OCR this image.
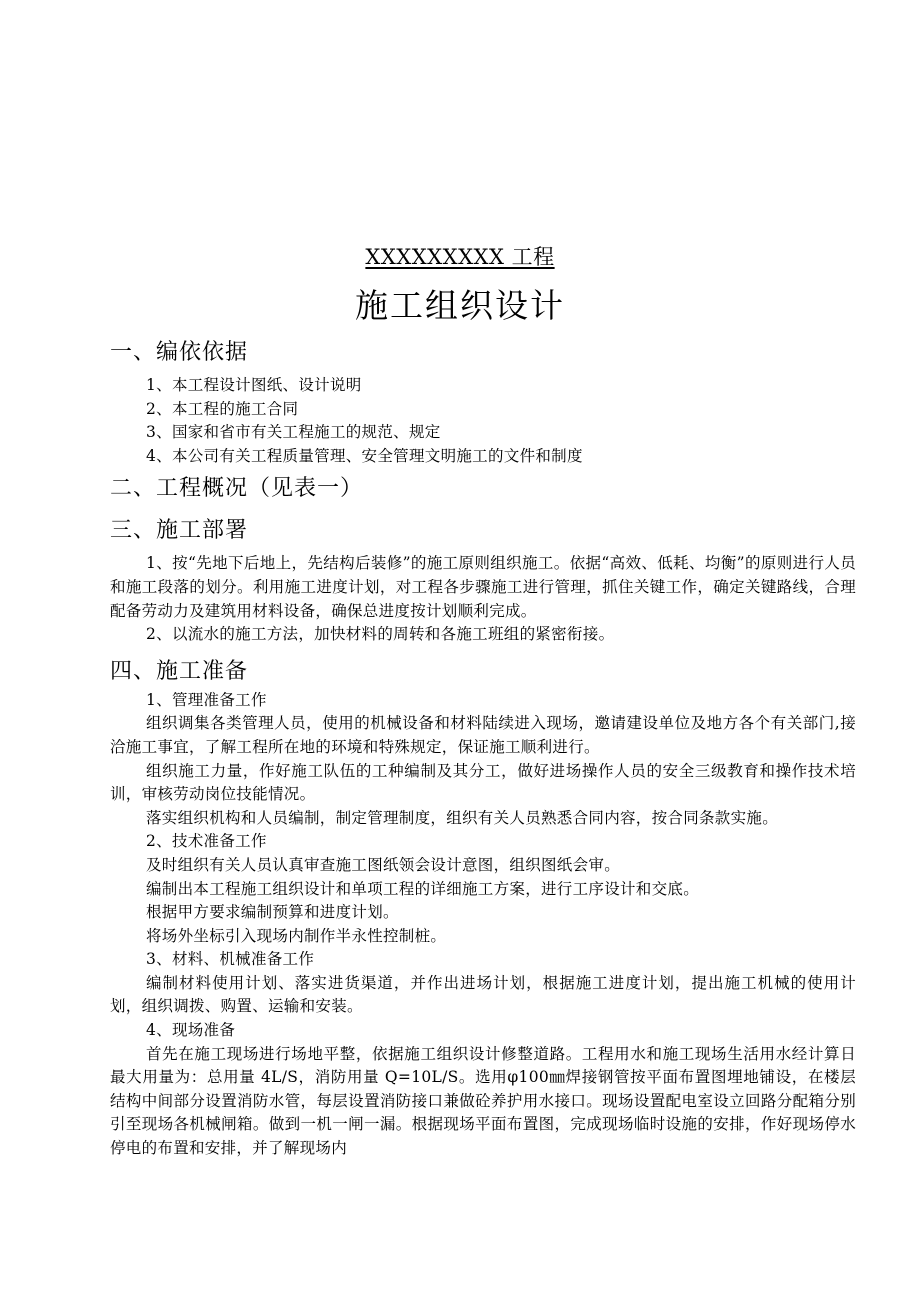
XXXXXXXXX 工程
施工组织设计
一、编依依据

1、本工程设计图纸、设计说明

2、本工程的施工合同

3、国家和省市有关工程施工的规范、规定

4、本公司有关工程质量管理、安全管理文明施工的文件和制度

二、工程概况（见表一）
三、施工部署

1、按“先地下后地上，先结构后装修”的施工原则组织施工。依据“高效、低耗、均衡”的原则进行人员和施工段落的划分。利用施工进度计划，对工程各步骤施工进行管理，抓住关键工作，确定关键路线，合理配备劳动力及建筑用材料设备，确保总进度按计划顺利完成。

2、以流水的施工方法，加快材料的周转和各施工班组的紧密衔接。

四、施工准备

1、管理准备工作

组织调集各类管理人员，使用的机械设备和材料陆续进入现场，邀请建设单位及地方各个有关部门,接洽施工事宜，了解工程所在地的环境和特殊规定，保证施工顺利进行。

组织施工力量，作好施工队伍的工种编制及其分工，做好进场操作人员的安全三级教育和操作技术培训，审核劳动岗位技能情况。

落实组织机构和人员编制，制定管理制度，组织有关人员熟悉合同内容，按合同条款实施。

2、技术准备工作

及时组织有关人员认真审查施工图纸领会设计意图，组织图纸会审。

编制出本工程施工组织设计和单项工程的详细施工方案，进行工序设计和交底。

根据甲方要求编制预算和进度计划。

将场外坐标引入现场内制作半永性控制桩。

3、材料、机械准备工作

编制材料使用计划、落实进货渠道，并作出进场计划，根据施工进度计划，提出施工机械的使用计划，组织调拨、购置、运输和安装。

4、现场准备

首先在施工现场进行场地平整，依据施工组织设计修整道路。工程用水和施工现场生活用水经计算日最大用量为：总用量 4L/S，消防用量 Q=10L/S。选用φ100㎜焊接钢管按平面布置图埋地铺设，在楼层结构中间部分设置消防水管，每层设置消防接口兼做砼养护用水接口。现场设置配电室设立回路分配箱分别引至现场各机械闸箱。做到一机一闸一漏。根据现场平面布置图，完成现场临时设施的安排，作好现场停水停电的布置和安排，并了解现场内
